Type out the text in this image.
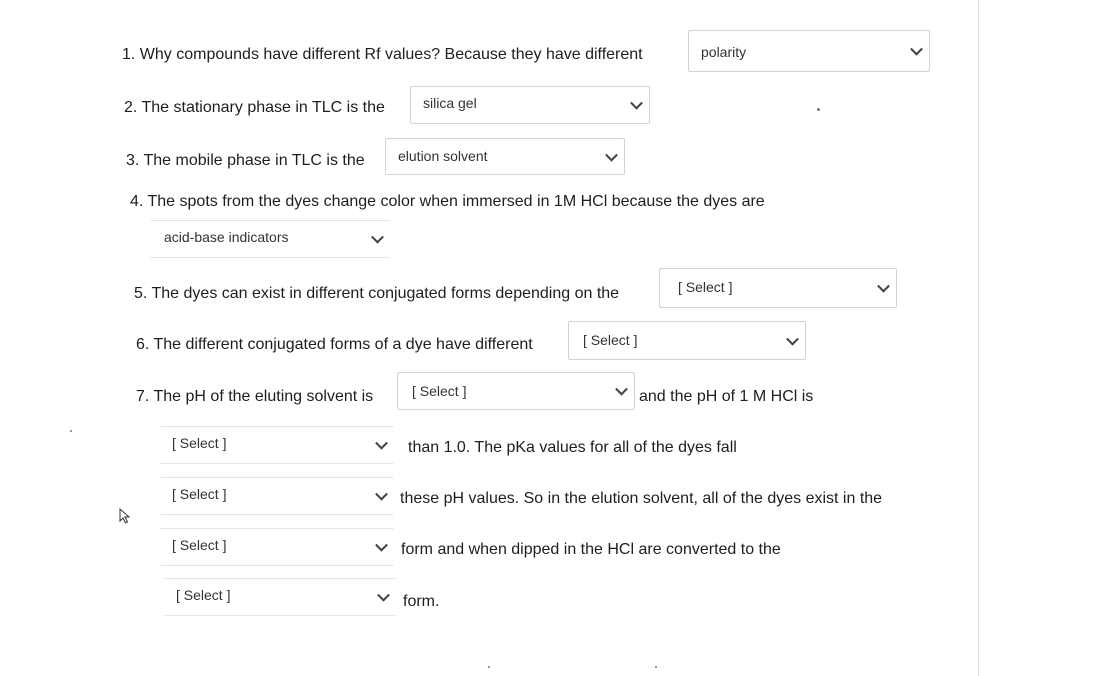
1. Why compounds have different Rf values? Because they have different	polarity
2. The stationary phase in TLC is the	silica gel
3. The mobile phase in TLC is the elution solvent
4. The spots from the dyes change color when immersed in 1M HCl because the dyes are
acid-base indicators
5. The dyes can exist in different conjugated forms depending on the	[ Select ]
6. The different conjugated forms of a dye have different	[ Select ]
7. The pH of the eluting solvent is	[ Select ]	and the pH of 1 M HCl is
[ Select ]	than 1.0. The pKa values for all of the dyes fall
[ Select ]	these pH values. So in the elution solvent, all of the dyes exist in the
[ Select ]	form and when dipped in the HCl are converted to the
[ Select ]	form.
